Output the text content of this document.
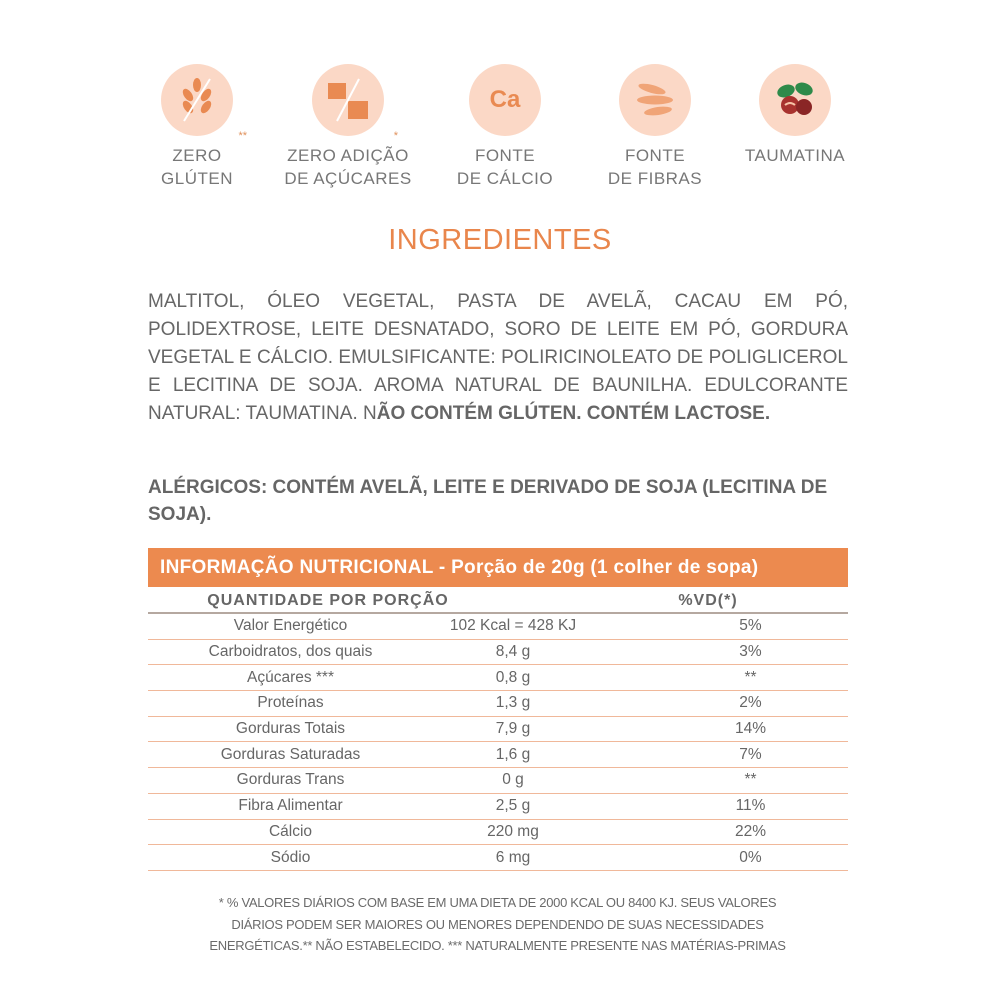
**
ZERO
GLÚTEN
*
ZERO ADIÇÃO
DE AÇÚCARES
Ca
FONTE
DE CÁLCIO
FONTE
DE FIBRAS
TAUMATINA
INGREDIENTES
MALTITOL, ÓLEO VEGETAL, PASTA DE AVELÃ, CACAU EM PÓ, POLIDEXTROSE, LEITE DESNATADO, SORO DE LEITE EM PÓ, GORDURA VEGETAL E CÁLCIO. EMULSIFICANTE: POLIRICINOLEATO DE POLIGLICEROL E LECITINA DE SOJA. AROMA NATURAL DE BAUNILHA. EDULCORANTE NATURAL: TAUMATINA. NÃO CONTÉM GLÚTEN. CONTÉM LACTOSE.
ALÉRGICOS: CONTÉM AVELÃ, LEITE E DERIVADO DE SOJA (LECITINA DE SOJA).
INFORMAÇÃO NUTRICIONAL - Porção de 20g (1 colher de sopa)
QUANTIDADE POR PORÇÃO	%VD(*)
Valor Energético	102 Kcal = 428 KJ	5%
Carboidratos, dos quais	8,4 g	3%
Açúcares ***	0,8 g	**
Proteínas	1,3 g	2%
Gorduras Totais	7,9 g	14%
Gorduras Saturadas	1,6 g	7%
Gorduras Trans	0 g	**
Fibra Alimentar	2,5 g	11%
Cálcio	220 mg	22%
Sódio	6 mg	0%
* % VALORES DIÁRIOS COM BASE EM UMA DIETA DE 2000 KCAL OU 8400 KJ. SEUS VALORES
DIÁRIOS PODEM SER MAIORES OU MENORES DEPENDENDO DE SUAS NECESSIDADES
ENERGÉTICAS.** NÃO ESTABELECIDO. *** NATURALMENTE PRESENTE NAS MATÉRIAS-PRIMAS
